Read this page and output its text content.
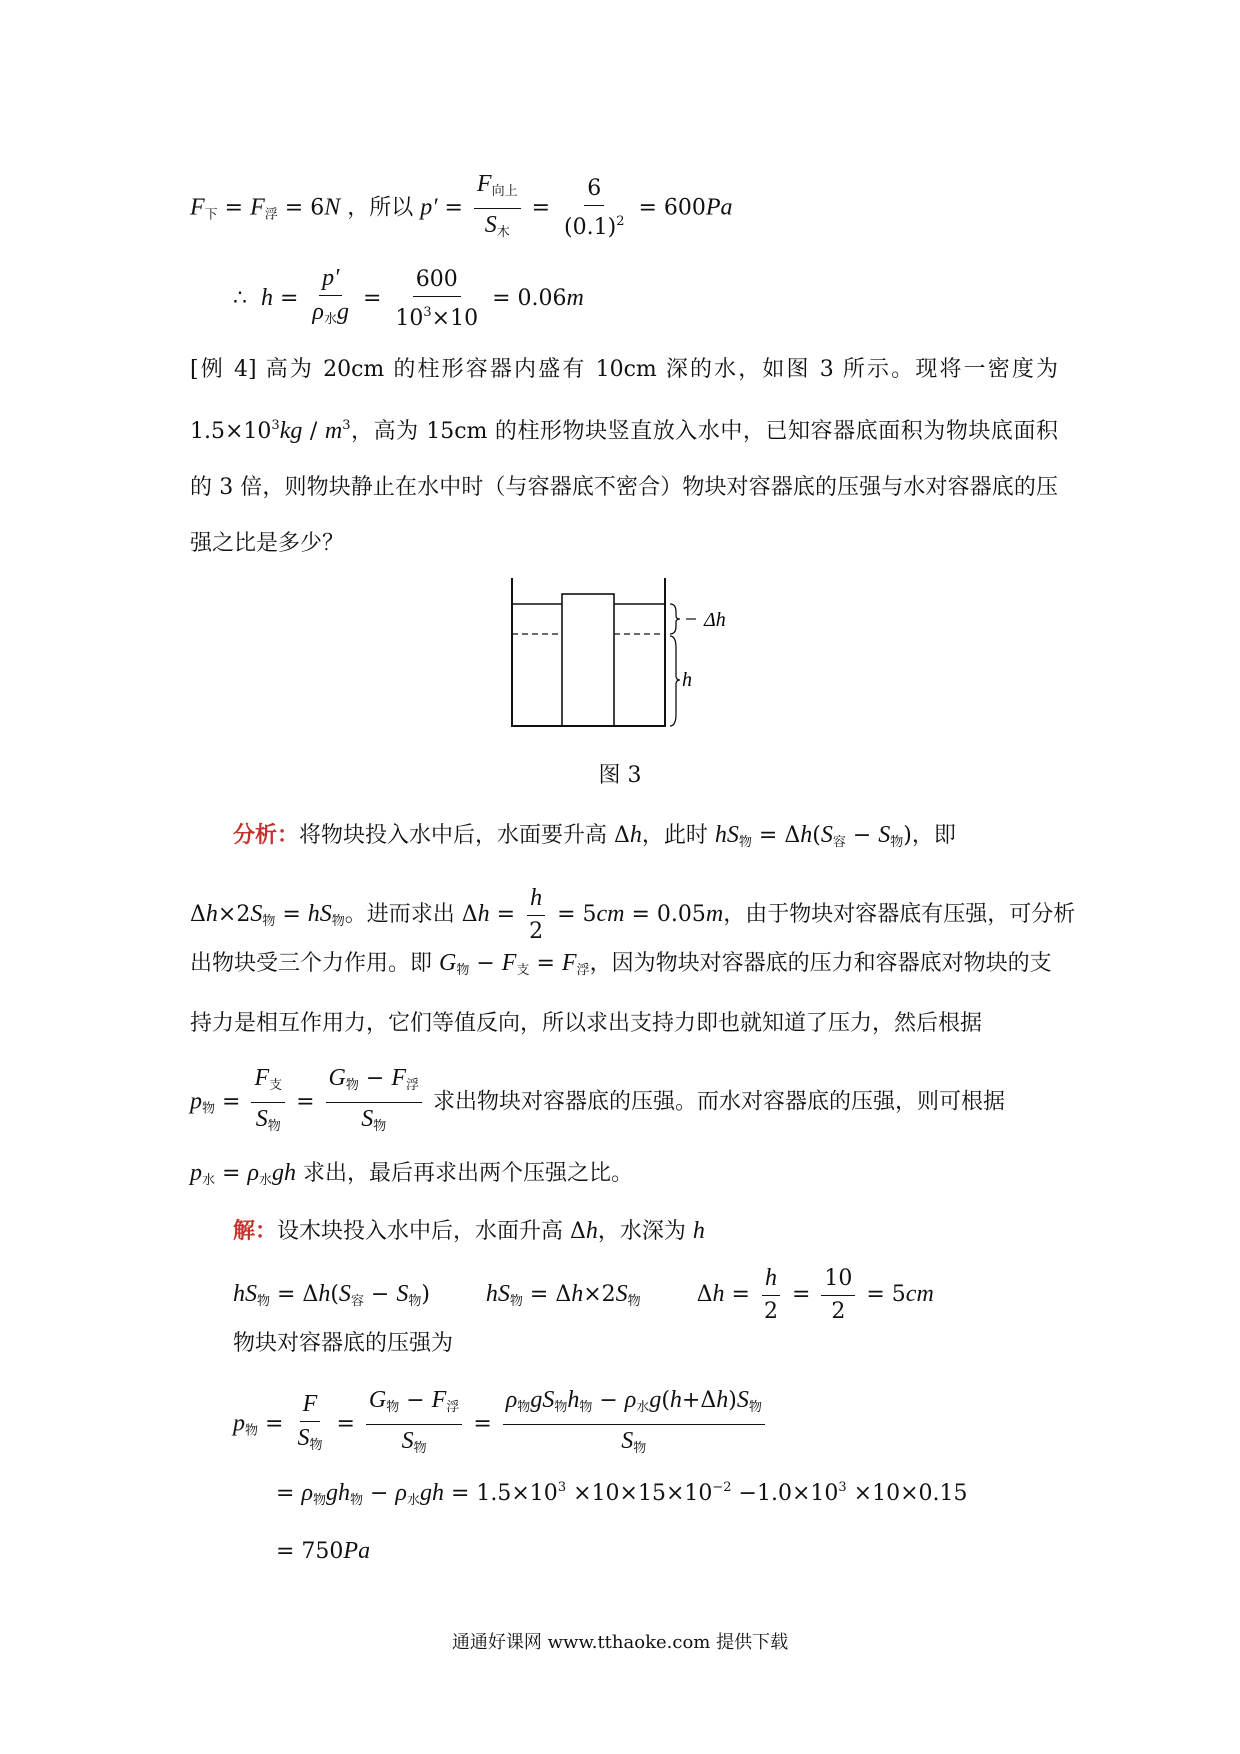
$F_下 = F_浮 = 6N$ ，所以 $p' = \frac{F_{向上}}{S_木} = \frac{6}{(0.1)^2} = 600Pa$
∴ $h = \frac{p'}{\rho_水g} = \frac{600}{10^3\times 10} = 0.06m$
[例 4] 高为 20cm 的柱形容器内盛有 10cm 深的水，如图 3 所示。现将一密度为 $1.5\times 10^3kg / m^3$，高为 15cm 的柱形物块竖直放入水中，已知容器底面积为物块底面积的 3 倍，则物块静止在水中时（与容器底不密合）物块对容器底的压强与水对容器底的压强之比是多少？
Δh
h
图 3
分析：将物块投入水中后，水面要升高 Δh，此时 $hS_物 = \Delta h(S_容 - S_物)$，即
$\Delta h\times 2S_物 = hS_物$。进而求出 $\Delta h = \frac{h}{2} = 5cm = 0.05m$，由于物块对容器底有压强，可分析
出物块受三个力作用。即 $G_物 - F_支 = F_浮$，因为物块对容器底的压力和容器底对物块的支
持力是相互作用力，它们等值反向，所以求出支持力即也就知道了压力，然后根据
$p_物 = \frac{F_支}{S_物} = \frac{G_物 - F_浮}{S_物}$ 求出物块对容器底的压强。而水对容器底的压强，则可根据
$p_水 = \rho_水gh$ 求出，最后再求出两个压强之比。
解：设木块投入水中后，水面升高 Δh，水深为 h
$hS_物 = \Delta h(S_容 - S_物)$        $hS_物 = \Delta h\times 2S_物$        $\Delta h = \frac{h}{2} = \frac{10}{2} = 5cm$
物块对容器底的压强为
$p_物 = \frac{F}{S_物} = \frac{G_物 - F_浮}{S_物} = \frac{\rho_物gS_物h_物 - \rho_水g(h+\Delta h)S_物}{S_物}$
= $\rho_物gh_物 - \rho_水gh = 1.5\times 10^3 \times 10\times 15\times 10^{-2} -1.0\times 10^3 \times 10\times 0.15$
= 750Pa
通通好课网 www.tthaoke.com 提供下载
